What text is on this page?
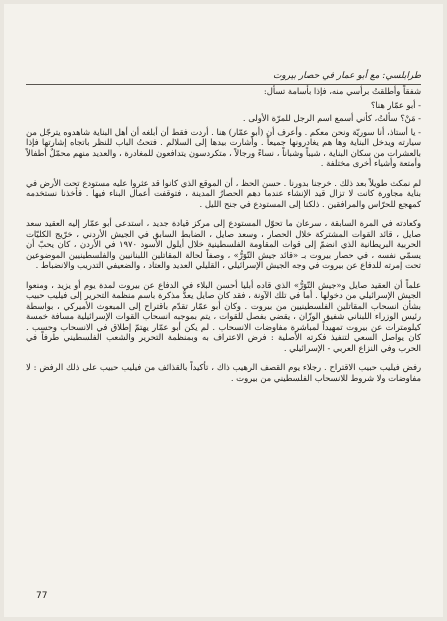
طرابلسي: مع أبو عمار في حصار بيروت

شفقاً وأطلقتُ برأسي منه، فإذا بأسامة تسأل:

- أبو عمّار هنا؟

- مَنْ؟ سألتُ، كأني أسمع اسم الرجل للمرّة الأولى .

- يا أستاذ، أنا سوريّة ونحن معكم . وأعرف أن (أبو عمّار) هنا . أردت فقط أن أبلغه أن أهل البناية شاهدوه يترجّل من سيارته ويدخل البناية وها هم يغادرونها جميعاً . وأشارت بيدها إلى السلالم . فتحتُ الباب للنظر باتجاه إشارتها فإذا بالعشرات من سكان البناية ، شيباً وشباناً ، نساءً ورجالاً ، متكردسون يتدافعون للمغادرة ، والعديد منهم محمّلٌ أطفالاً وأمتعة وأشياء أخرى مختلفة .

لم نمكث طويلاً بعد ذلك . خرجنا بدورنا . حسن الحظ ، أن الموقع الذي كانوا قد عثروا عليه مستودع تحت الأرض في بناية مجاورة كانت لا تزال قيد الإنشاء عندما دهم الحصارُ المدينة ، فتوقفت أعمال البناء فيها . فأخذنا نستخدمه كمهجع للحرّاس والمرافقين . ذلكنا إلى المستودع في جنح الليل .

وكعادته في المرة السابقة ، سرعان ما تحوّل المستودع إلى مركز قيادة جديد ، استدعى أبو عمّار إليه العقيد سعد صايل ، قائد القوات المشتركة خلال الحصار ، وسعد صايل ، الضابط السابق في الجيش الأردني ، خرّيج الكليّات الحربية البريطانية الذي انضمّ إلى قوات المقاومة الفلسطينية خلال أيلول الأسود ١٩٧٠ في الأردن ، كان يحبّ أن يسمّي نفسه ، في حصار بيروت بـ «قائد جيش التّوَرُّ» ، وصفاً لحالة المقاتلين اللبنانيين والفلسطينيين الموضوعين تحت إمرته للدفاع عن بيروت في وجه الجيش الإسرائيلي ، القليلي العديد والعتاد ، والضعيفي التدريب والانضباط .

علماً أن العقيد صايل و«جيش التّوَرُّ» الذي قاده أبليا أحسن البلاء في الدفاع عن بيروت لمدة يوم أو يزيد ، ومنعوا الجيش الإسرائيلي من دخولها . أما في تلك الآونة ، فقد كان صايل يعدُّ مذكرة باسم منظمة التحرير إلى فيليب حبيب بشأن انسحاب المقاتلين الفلسطينيين من بيروت . وكان أبو عمّار تقدّم باقتراح إلى المبعوث الأميركي ، بواسطة رئيس الوزراء اللبناني شفيق الوزّان ، يقضي بفصل للقوات ، يتم بموجبه انسحاب القوات الإسرائيلية مسافة خمسة كيلومترات عن بيروت تمهيداً لمباشرة مفاوضات الانسحاب . لم يكن أبو عمّار يهتمّ إطلاق في الانسحاب وحسب . كان يواصل السعي لتنفيذ فكرته الأصلية : فرض الاعتراف به وبمنظمة التحرير والشعب الفلسطيني طرفاً في الحرب وفي النزاع العربي - الإسرائيلي .

رفض فيليب حبيب الاقتراح . رجلاء يوم القصف الرهيب ذاك ، تأكيداً بالقذائف من فيليب حبيب على ذلك الرفض : لا مفاوضات ولا شروط للانسحاب الفلسطيني من بيروت .

77
